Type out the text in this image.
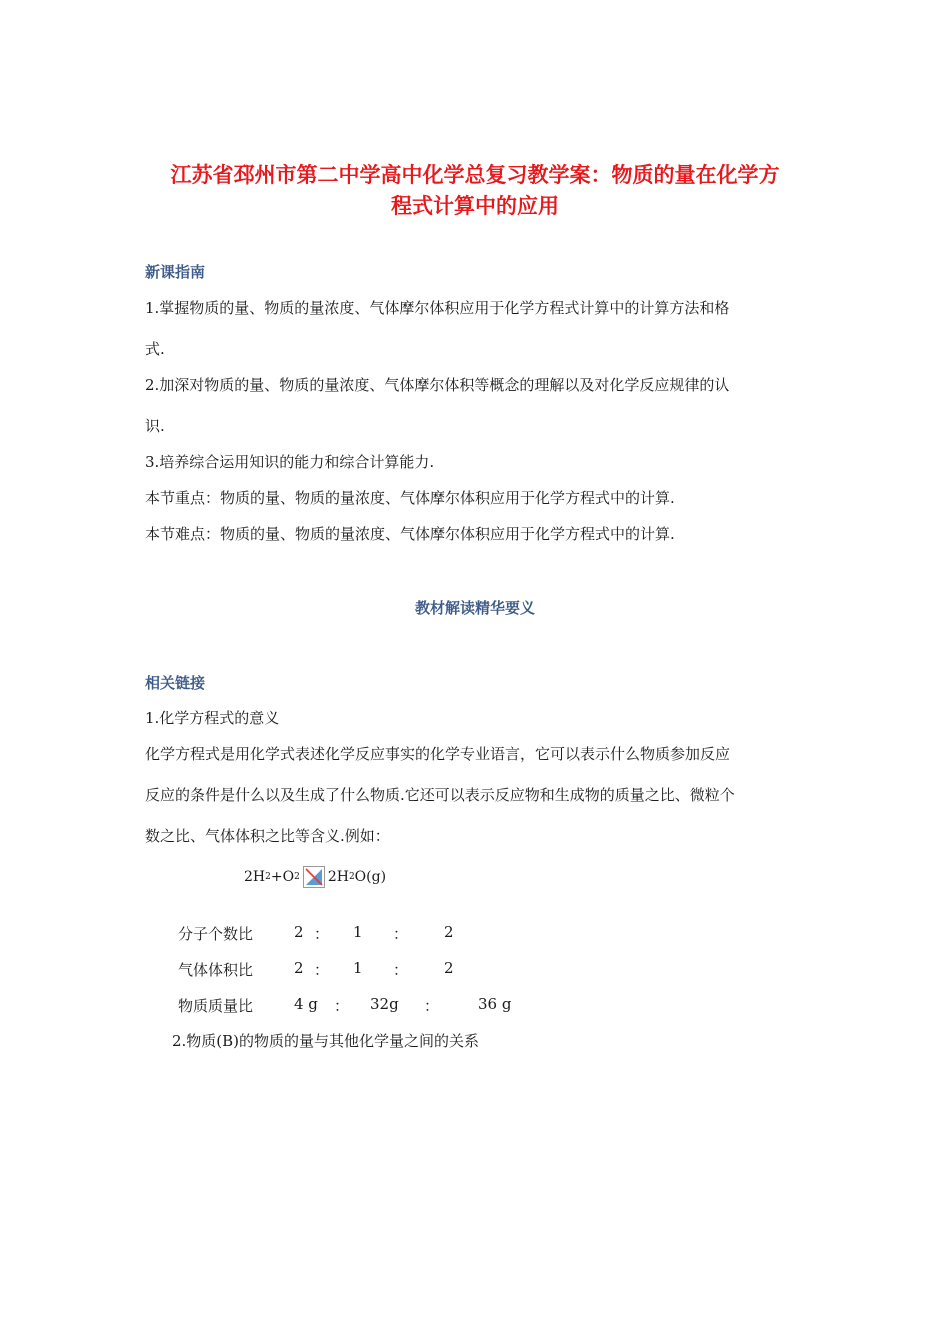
江苏省邳州市第二中学高中化学总复习教学案：物质的量在化学方
程式计算中的应用
新课指南
1.掌握物质的量、物质的量浓度、气体摩尔体积应用于化学方程式计算中的计算方法和格
式.
2.加深对物质的量、物质的量浓度、气体摩尔体积等概念的理解以及对化学反应规律的认
识.
3.培养综合运用知识的能力和综合计算能力.
本节重点：物质的量、物质的量浓度、气体摩尔体积应用于化学方程式中的计算.
本节难点：物质的量、物质的量浓度、气体摩尔体积应用于化学方程式中的计算.
教材解读精华要义
相关链接
1.化学方程式的意义
化学方程式是用化学式表述化学反应事实的化学专业语言，它可以表示什么物质参加反应
反应的条件是什么以及生成了什么物质.它还可以表示反应物和生成物的质量之比、微粒个
数之比、气体体积之比等含义.例如：
2H 2 +O 2 2H 2 O(g)
分子个数比	2 ： 1 ： 2
气体体积比	2 ： 1 ： 2
物质质量比	4 g ： 32g ：	36 g
2.物质(B)的物质的量与其他化学量之间的关系
